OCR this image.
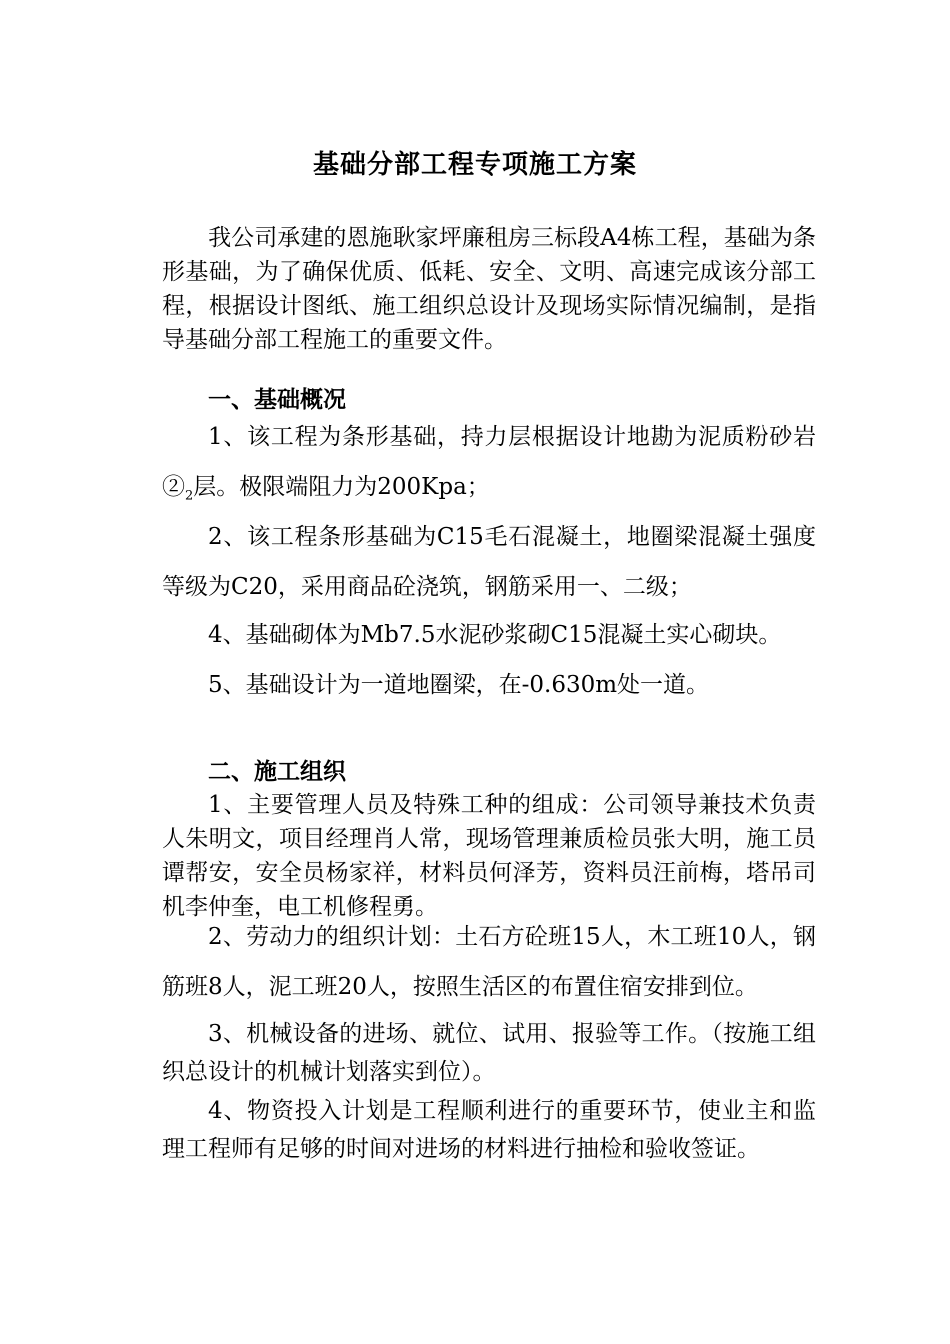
基础分部工程专项施工方案

我公司承建的恩施耿家坪廉租房三标段A4栋工程，基础为条形基础，为了确保优质、低耗、安全、文明、高速完成该分部工程，根据设计图纸、施工组织总设计及现场实际情况编制，是指导基础分部工程施工的重要文件。

一、基础概况

1、该工程为条形基础，持力层根据设计地勘为泥质粉砂岩$②_2$层。极限端阻力为200Kpa；

2、该工程条形基础为C15毛石混凝土，地圈梁混凝土强度等级为C20，采用商品砼浇筑，钢筋采用一、二级；

4、基础砌体为Mb7.5水泥砂浆砌C15混凝土实心砌块。

5、基础设计为一道地圈梁，在-0.630m处一道。

二、施工组织

1、主要管理人员及特殊工种的组成：公司领导兼技术负责人朱明文，项目经理肖人常，现场管理兼质检员张大明，施工员谭帮安，安全员杨家祥，材料员何泽芳，资料员汪前梅，塔吊司机李仲奎，电工机修程勇。

2、劳动力的组织计划：土石方砼班15人，木工班10人，钢筋班8人，泥工班20人，按照生活区的布置住宿安排到位。

3、机械设备的进场、就位、试用、报验等工作。（按施工组织总设计的机械计划落实到位）。

4、物资投入计划是工程顺利进行的重要环节，使业主和监理工程师有足够的时间对进场的材料进行抽检和验收签证。
